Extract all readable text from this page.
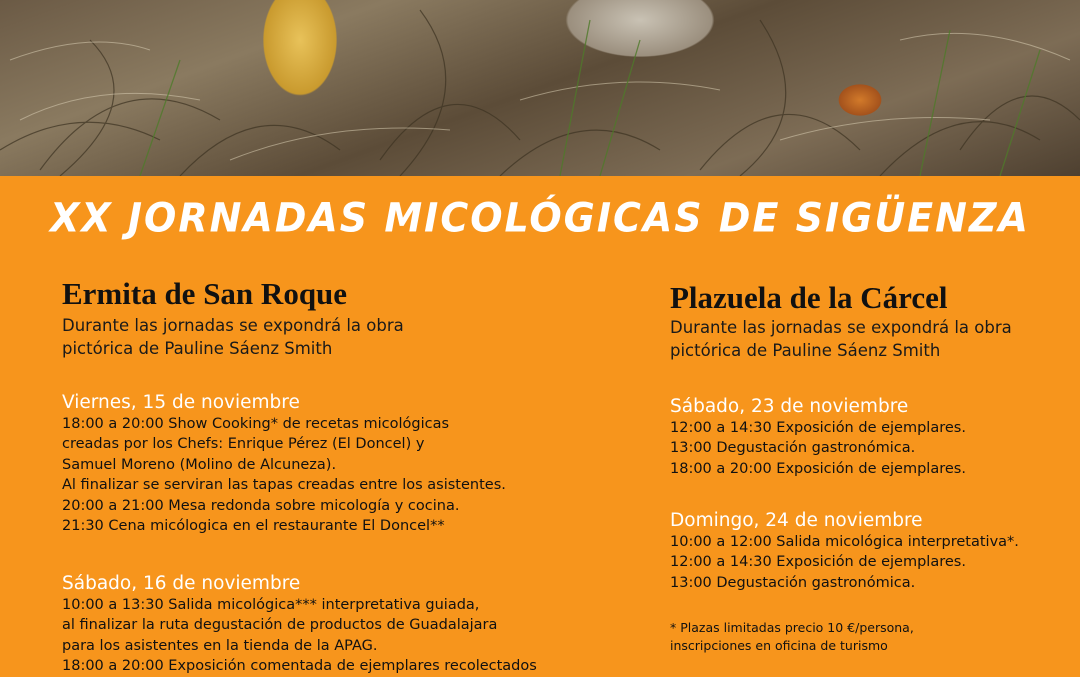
XX JORNADAS MICOLÓGICAS DE SIGÜENZA
Ermita de San Roque

Durante las jornadas se expondrá la obra

pictórica de Pauline Sáenz Smith

Viernes, 15 de noviembre

18:00 a 20:00 Show Cooking* de recetas micológicas

creadas por los Chefs: Enrique Pérez (El Doncel) y

Samuel Moreno (Molino de Alcuneza).

Al finalizar se serviran las tapas creadas entre los asistentes.

20:00 a 21:00 Mesa redonda sobre micología y cocina.

21:30 Cena micólogica en el restaurante El Doncel**

Sábado, 16 de noviembre

10:00 a 13:30 Salida micológica*** interpretativa guiada,

al finalizar la ruta degustación de productos de Guadalajara

para los asistentes en la tienda de la APAG.

18:00 a 20:00 Exposición comentada de ejemplares recolectados

Plazuela de la Cárcel

Durante las jornadas se expondrá la obra

pictórica de Pauline Sáenz Smith

Sábado, 23 de noviembre

12:00 a 14:30 Exposición de ejemplares.

13:00 Degustación gastronómica.

18:00 a 20:00 Exposición de ejemplares.

Domingo, 24 de noviembre

10:00 a 12:00 Salida micológica interpretativa*.

12:00 a 14:30 Exposición de ejemplares.

13:00 Degustación gastronómica.

* Plazas limitadas precio 10 €/persona,

inscripciones en oficina de turismo
